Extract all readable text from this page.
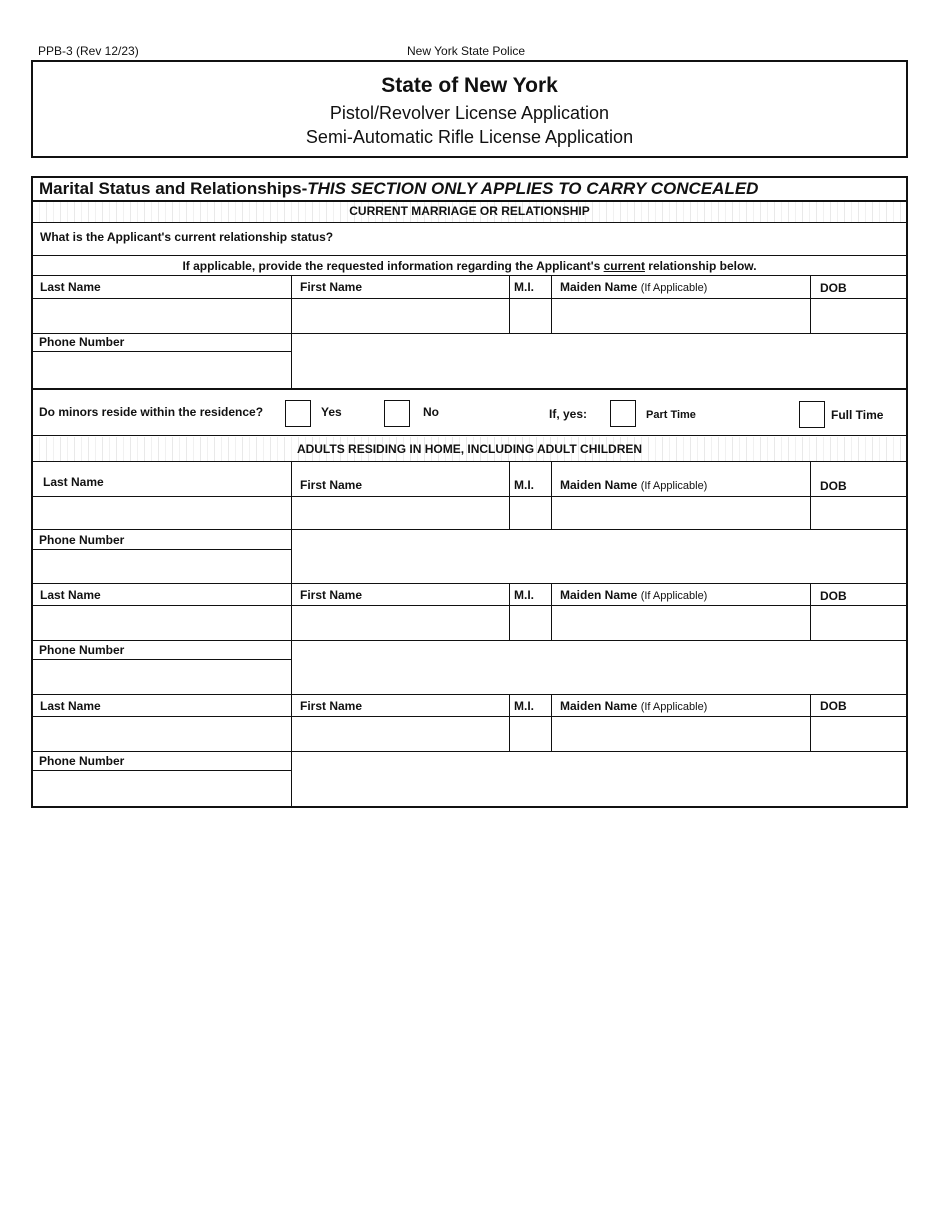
PPB-3 (Rev 12/23)	New York State Police
State of New York
Pistol/Revolver License Application
Semi-Automatic Rifle License Application
Marital Status and Relationships-THIS SECTION ONLY APPLIES TO CARRY CONCEALED
CURRENT MARRIAGE OR RELATIONSHIP
What is the Applicant's current relationship status?
If applicable, provide the requested information regarding the Applicant's current relationship below.
Last Name	First Name	M.I. Maiden Name (If Applicable)	DOB
Phone Number
Do minors reside within the residence?	Yes	No	If, yes:	Part Time	Full Time
ADULTS RESIDING IN HOME, INCLUDING ADULT CHILDREN
Last Name	First Name	M.I. Maiden Name (If Applicable)	DOB
Phone Number
Last Name	First Name	M.I. Maiden Name (If Applicable)	DOB
Phone Number
Last Name	First Name	M.I. Maiden Name (If Applicable)	DOB
Phone Number
